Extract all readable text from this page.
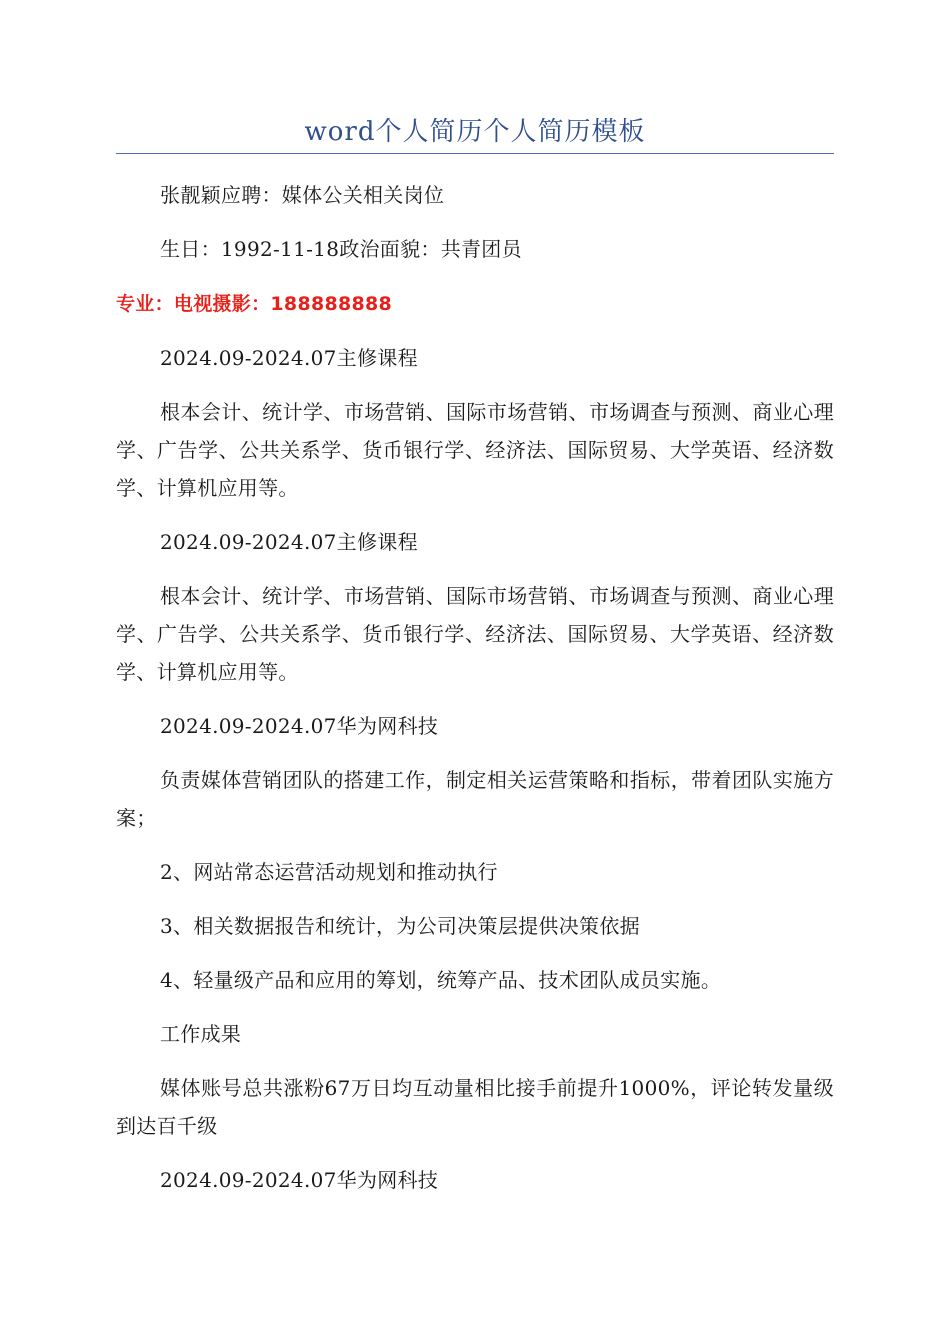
word个人简历个人简历模板

张靓颖应聘：媒体公关相关岗位

生日：1992-11-18政治面貌：共青团员

专业：电视摄影：188888888

2024.09-2024.07主修课程

根本会计、统计学、市场营销、国际市场营销、市场调查与预测、商业心理学、广告学、公共关系学、货币银行学、经济法、国际贸易、大学英语、经济数学、计算机应用等。

2024.09-2024.07主修课程

根本会计、统计学、市场营销、国际市场营销、市场调查与预测、商业心理学、广告学、公共关系学、货币银行学、经济法、国际贸易、大学英语、经济数学、计算机应用等。

2024.09-2024.07华为网科技

负责媒体营销团队的搭建工作，制定相关运营策略和指标，带着团队实施方案；

2、网站常态运营活动规划和推动执行

3、相关数据报告和统计，为公司决策层提供决策依据

4、轻量级产品和应用的筹划，统筹产品、技术团队成员实施。

工作成果

媒体账号总共涨粉67万日均互动量相比接手前提升1000%，评论转发量级到达百千级

2024.09-2024.07华为网科技
